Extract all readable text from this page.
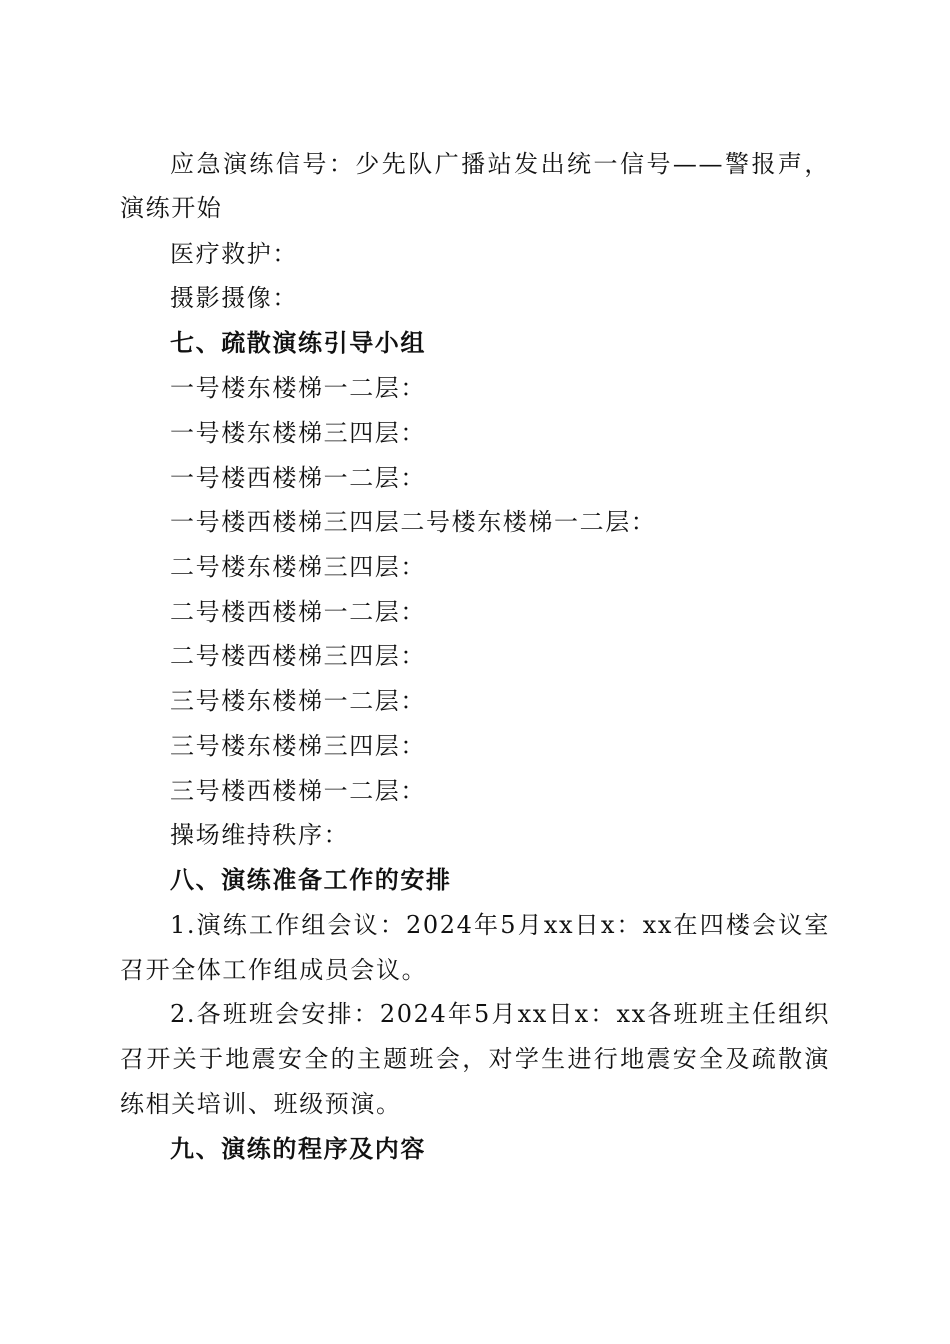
应急演练信号：少先队广播站发出统一信号——警报声，
演练开始
医疗救护：
摄影摄像：
七、疏散演练引导小组
一号楼东楼梯一二层：
一号楼东楼梯三四层：
一号楼西楼梯一二层：
一号楼西楼梯三四层二号楼东楼梯一二层：
二号楼东楼梯三四层：
二号楼西楼梯一二层：
二号楼西楼梯三四层：
三号楼东楼梯一二层：
三号楼东楼梯三四层：
三号楼西楼梯一二层：
操场维持秩序：
八、演练准备工作的安排
1.演练工作组会议：2024年5月xx日x：xx在四楼会议室
召开全体工作组成员会议。
2.各班班会安排：2024年5月xx日x：xx各班班主任组织
召开关于地震安全的主题班会，对学生进行地震安全及疏散演
练相关培训、班级预演。
九、演练的程序及内容
